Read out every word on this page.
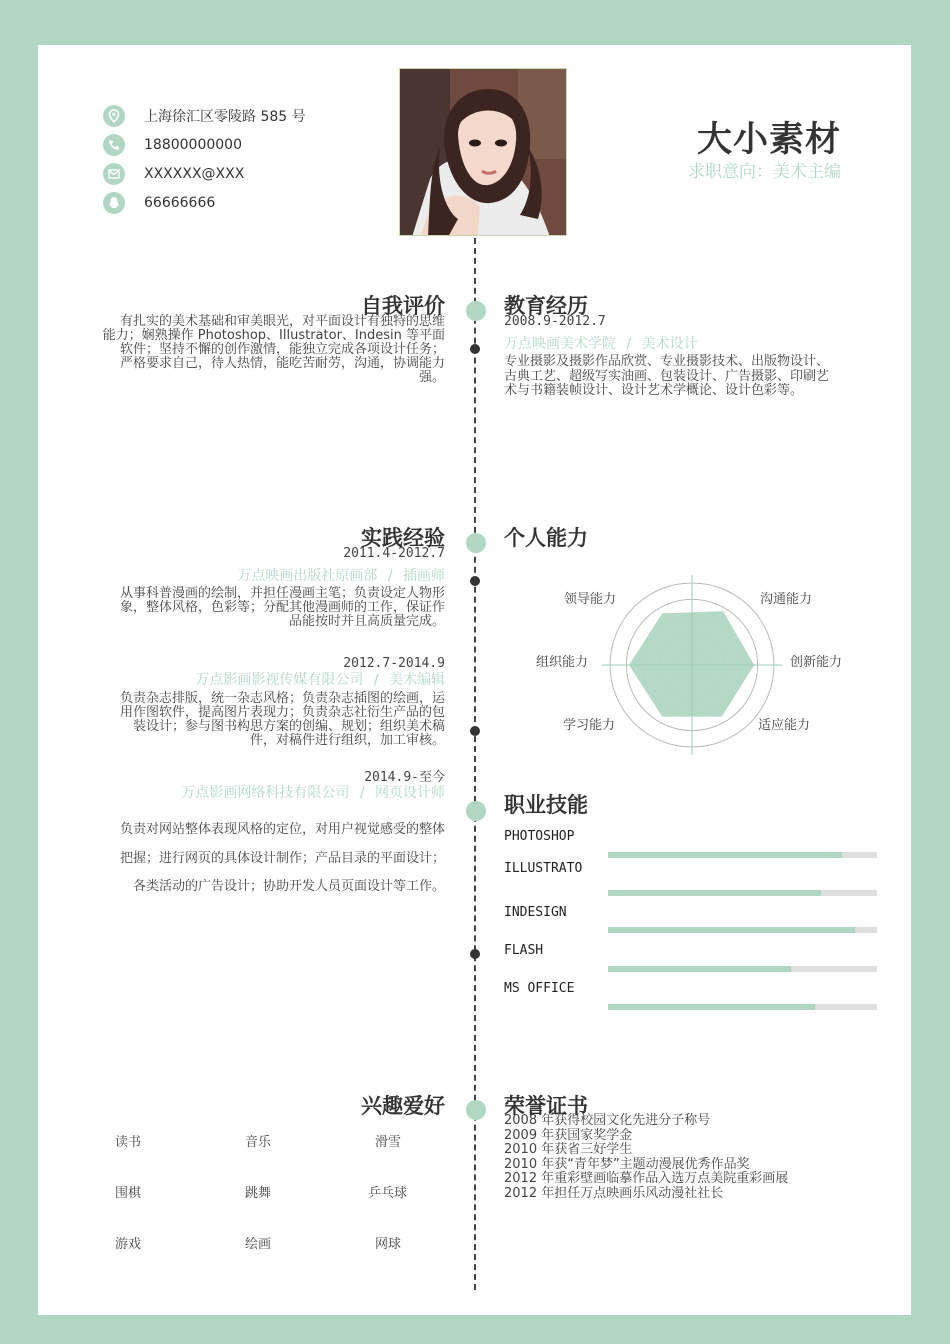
上海徐汇区零陵路 585 号
18800000000
XXXXXX@XXX
66666666
大小素材
求职意向：美术主编
自我评价
有扎实的美术基础和审美眼光，对平面设计有独特的思维
能力；娴熟操作 Photoshop、Illustrator、Indesin 等平面
软件；坚持不懈的创作激情，能独立完成各项设计任务；
严格要求自己，待人热情，能吃苦耐劳，沟通，协调能力
强。
教育经历
2008.9-2012.7
万点映画美术学院 / 美术设计
专业摄影及摄影作品欣赏、专业摄影技术、出版物设计、
古典工艺、超级写实油画、包装设计、广告摄影、印刷艺
术与书籍装帧设计、设计艺术学概论、设计色彩等。
实践经验
2011.4-2012.7
万点映画出版社原画部 / 插画师
从事科普漫画的绘制，并担任漫画主笔；负责设定人物形
象，整体风格，色彩等；分配其他漫画师的工作，保证作
品能按时并且高质量完成。
2012.7-2014.9
万点影画影视传媒有限公司 / 美术编辑
负责杂志排版，统一杂志风格；负责杂志插图的绘画，运
用作图软件，提高图片表现力；负责杂志社衍生产品的包
装设计；参与图书构思方案的创编、规划；组织美术稿
件，对稿件进行组织，加工审核。
2014.9-至今
万点影画网络科技有限公司 / 网页设计师
负责对网站整体表现风格的定位，对用户视觉感受的整体
把握；进行网页的具体设计制作；产品目录的平面设计；
各类活动的广告设计；协助开发人员页面设计等工作。
个人能力
领导能力	沟通能力
组织能力	创新能力
学习能力	适应能力
职业技能
PHOTOSHOP
ILLUSTRATO
INDESIGN
FLASH
MS OFFICE
兴趣爱好
读书	音乐	滑雪
围棋	跳舞	乒乓球
游戏	绘画	网球
荣誉证书
2008 年获得校园文化先进分子称号
2009 年获国家奖学金
2010 年获省三好学生
2010 年获“青年梦”主题动漫展优秀作品奖
2012 年重彩壁画临摹作品入选万点美院重彩画展
2012 年担任万点映画乐风动漫社社长
